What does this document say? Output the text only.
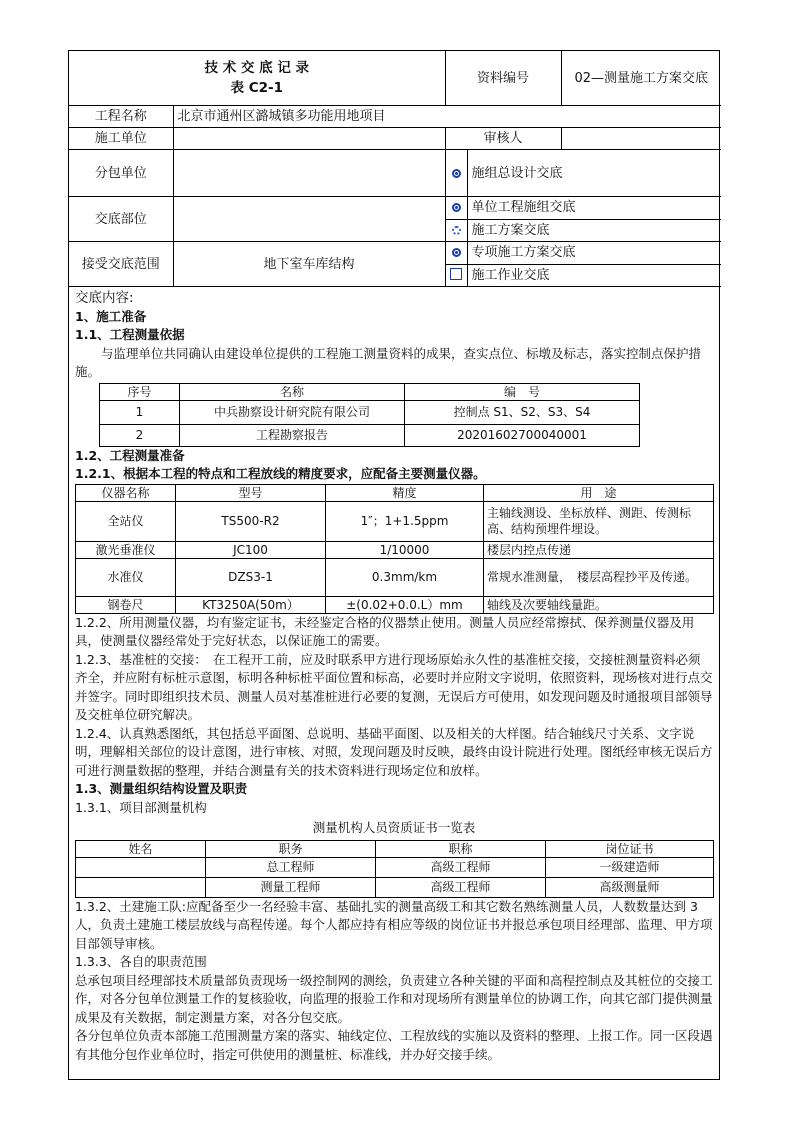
技 术 交 底 记 录
表 C2-1		资料编号		02—测量施工方案交底
工程名称	北京市通州区潞城镇多功能用地项目			
施工单位		审核人		
分包单位			施组总设计交底	

交底部位			单位工程施组交底	
			施工方案交底	
接受交底范围	地下室车库结构		专项施工方案交底	
			施工作业交底	

交底内容:

1、施工准备

1.1、工程测量依据

与监理单位共同确认由建设单位提供的工程施工测量资料的成果，查实点位、标墩及标志，落实控制点保护措施。

序号	名称	编　号
1	中兵勘察设计研究院有限公司	控制点 S1、S2、S3、S4
2	工程勘察报告	20201602700040001

1.2、工程测量准备

1.2.1、根据本工程的特点和工程放线的精度要求，应配备主要测量仪器。

仪器名称	型号	精度	用　途
全站仪	TS500-R2	1″；1+1.5ppm	主轴线测设、坐标放样、测距、传测标高、结构预埋件埋设。
激光垂准仪	JC100	1/10000	楼层内控点传递
水准仪	DZS3-1	0.3mm/km	常规水准测量，　楼层高程抄平及传递。
钢卷尺	KT3250A(50m）	±(0.02+0.0.L）mm	轴线及次要轴线量距。

1.2.2、所用测量仪器，均有鉴定证书，未经鉴定合格的仪器禁止使用。测量人员应经常擦拭、保养测量仪器及用具，使测量仪器经常处于完好状态，以保证施工的需要。

1.2.3、基准桩的交接：　在工程开工前，应及时联系甲方进行现场原始永久性的基准桩交接，交接桩测量资料必须齐全，并应附有标桩示意图，标明各种标桩平面位置和标高，必要时并应附文字说明，依照资料，现场核对进行点交并签字。同时即组织技术员、测量人员对基准桩进行必要的复测，无误后方可使用，如发现问题及时通报项目部领导及交桩单位研究解决。

1.2.4、认真熟悉图纸，其包括总平面图、总说明、基础平面图、以及相关的大样图。结合轴线尺寸关系、文字说明，理解相关部位的设计意图，进行审核、对照，发现问题及时反映，最终由设计院进行处理。图纸经审核无误后方可进行测量数据的整理，并结合测量有关的技术资料进行现场定位和放样。

1.3、测量组织结构设置及职责

1.3.1、项目部测量机构

测量机构人员资质证书一览表

姓名	职务	职称	岗位证书
	总工程师	高级工程师	一级建造师
	测量工程师	高级工程师	高级测量师

1.3.2、土建施工队:应配备至少一名经验丰富、基础扎实的测量高级工和其它数名熟练测量人员，人数数量达到 3 人，负责土建施工楼层放线与高程传递。每个人都应持有相应等级的岗位证书并报总承包项目经理部、监理、甲方项目部领导审核。

1.3.3、各自的职责范围

总承包项目经理部技术质量部负责现场一级控制网的测绘，负责建立各种关键的平面和高程控制点及其桩位的交接工作，对各分包单位测量工作的复核验收，向监理的报验工作和对现场所有测量单位的协调工作，向其它部门提供测量成果及有关数据，制定测量方案，对各分包交底。

各分包单位负责本部施工范围测量方案的落实、轴线定位、工程放线的实施以及资料的整理、上报工作。同一区段遇有其他分包作业单位时，指定可供使用的测量桩、标准线，并办好交接手续。
